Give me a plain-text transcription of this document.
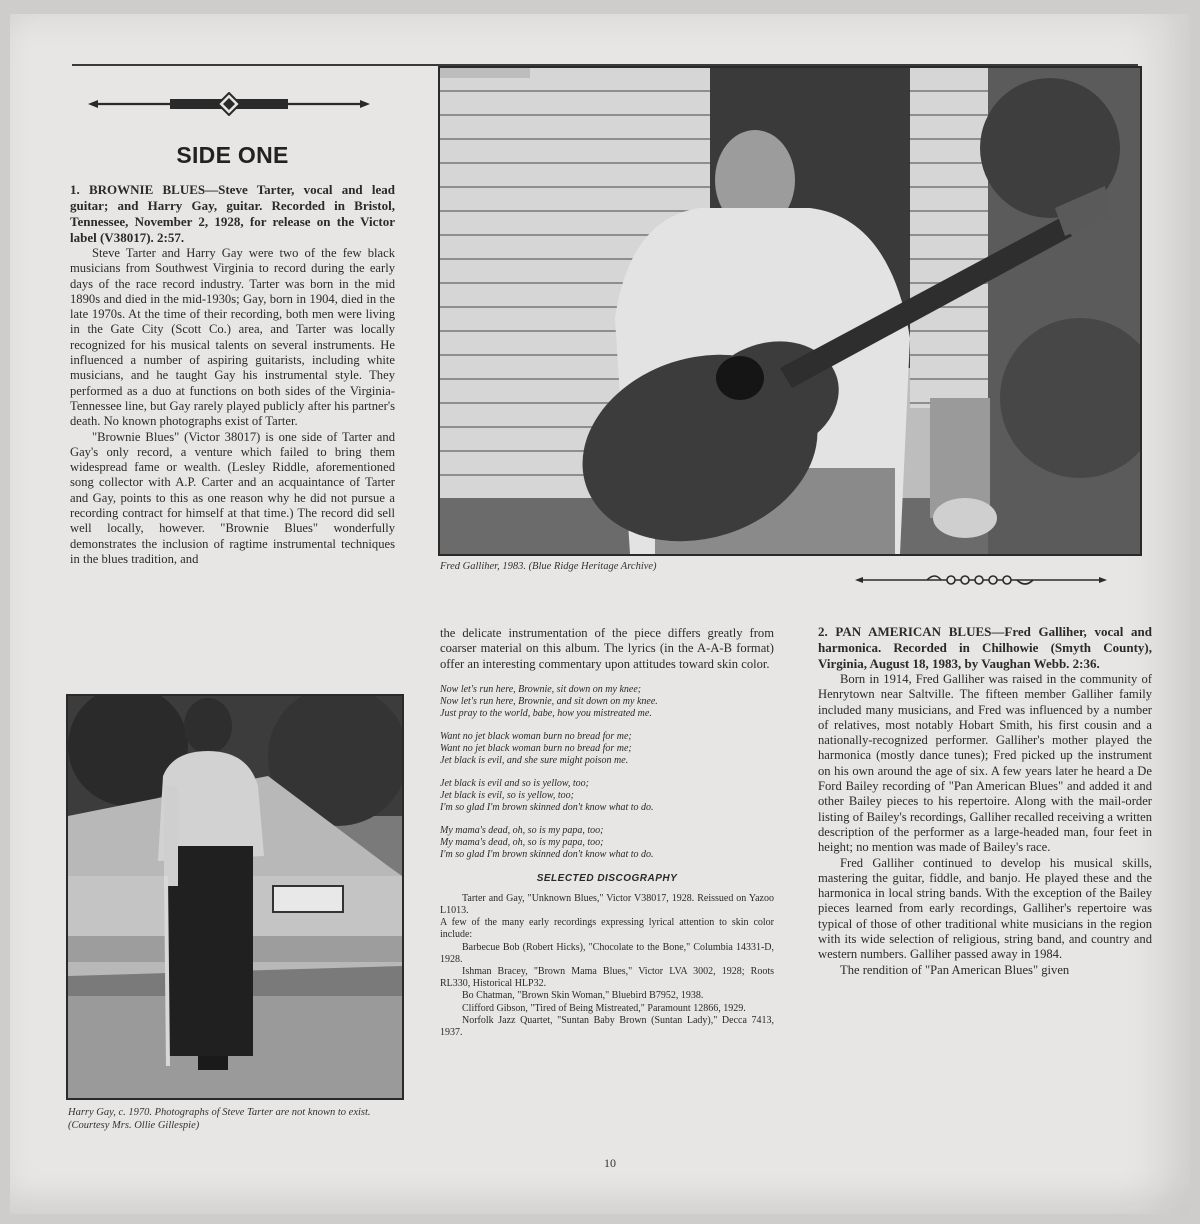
SIDE ONE

1. BROWNIE BLUES—Steve Tarter, vocal and lead guitar; and Harry Gay, guitar. Recorded in Bristol, Tennessee, November 2, 1928, for release on the Victor label (V38017). 2:57.

Steve Tarter and Harry Gay were two of the few black musicians from Southwest Virginia to record during the early days of the race record industry. Tarter was born in the mid 1890s and died in the mid-1930s; Gay, born in 1904, died in the late 1970s. At the time of their recording, both men were living in the Gate City (Scott Co.) area, and Tarter was locally recognized for his musical talents on several instruments. He influenced a number of aspiring guitarists, including white musicians, and he taught Gay his instrumental style. They performed as a duo at functions on both sides of the Virginia-Tennessee line, but Gay rarely played publicly after his partner's death. No known photographs exist of Tarter.

"Brownie Blues" (Victor 38017) is one side of Tarter and Gay's only record, a venture which failed to bring them widespread fame or wealth. (Lesley Riddle, aforementioned song collector with A.P. Carter and an acquaintance of Tarter and Gay, points to this as one reason why he did not pursue a recording contract for himself at that time.) The record did sell well locally, however. "Brownie Blues" wonderfully demonstrates the inclusion of ragtime instrumental techniques in the blues tradition, and

Fred Galliher, 1983. (Blue Ridge Heritage Archive)

the delicate instrumentation of the piece differs greatly from coarser material on this album. The lyrics (in the A-A-B format) offer an interesting commentary upon attitudes toward skin color.

Now let's run here, Brownie, sit down on my knee;
Now let's run here, Brownie, and sit down on my knee.
Just pray to the world, babe, how you mistreated me.
Want no jet black woman burn no bread for me;
Want no jet black woman burn no bread for me;
Jet black is evil, and she sure might poison me.
Jet black is evil and so is yellow, too;
Jet black is evil, so is yellow, too;
I'm so glad I'm brown skinned don't know what to do.
My mama's dead, oh, so is my papa, too;
My mama's dead, oh, so is my papa, too;
I'm so glad I'm brown skinned don't know what to do.
SELECTED DISCOGRAPHY
Tarter and Gay, "Unknown Blues," Victor V38017, 1928. Reissued on Yazoo L1013.
A few of the many early recordings expressing lyrical attention to skin color include:
Barbecue Bob (Robert Hicks), "Chocolate to the Bone," Columbia 14331-D, 1928.
Ishman Bracey, "Brown Mama Blues," Victor LVA 3002, 1928; Roots RL330, Historical HLP32.
Bo Chatman, "Brown Skin Woman," Bluebird B7952, 1938.
Clifford Gibson, "Tired of Being Mistreated," Paramount 12866, 1929.
Norfolk Jazz Quartet, "Suntan Baby Brown (Suntan Lady)," Decca 7413, 1937.

2. PAN AMERICAN BLUES—Fred Galliher, vocal and harmonica. Recorded in Chilhowie (Smyth County), Virginia, August 18, 1983, by Vaughan Webb. 2:36.

Born in 1914, Fred Galliher was raised in the community of Henrytown near Saltville. The fifteen member Galliher family included many musicians, and Fred was influenced by a number of relatives, most notably Hobart Smith, his first cousin and a nationally-recognized performer. Galliher's mother played the harmonica (mostly dance tunes); Fred picked up the instrument on his own around the age of six. A few years later he heard a De Ford Bailey recording of "Pan American Blues" and added it and other Bailey pieces to his repertoire. Along with the mail-order listing of Bailey's recordings, Galliher recalled receiving a written description of the performer as a large-headed man, four feet in height; no mention was made of Bailey's race.

Fred Galliher continued to develop his musical skills, mastering the guitar, fiddle, and banjo. He played these and the harmonica in local string bands. With the exception of the Bailey pieces learned from early recordings, Galliher's repertoire was typical of those of other traditional white musicians in the region with its wide selection of religious, string band, and country and western numbers. Galliher passed away in 1984.

The rendition of "Pan American Blues" given

Harry Gay, c. 1970. Photographs of Steve Tarter are not known to exist. (Courtesy Mrs. Ollie Gillespie)
10
